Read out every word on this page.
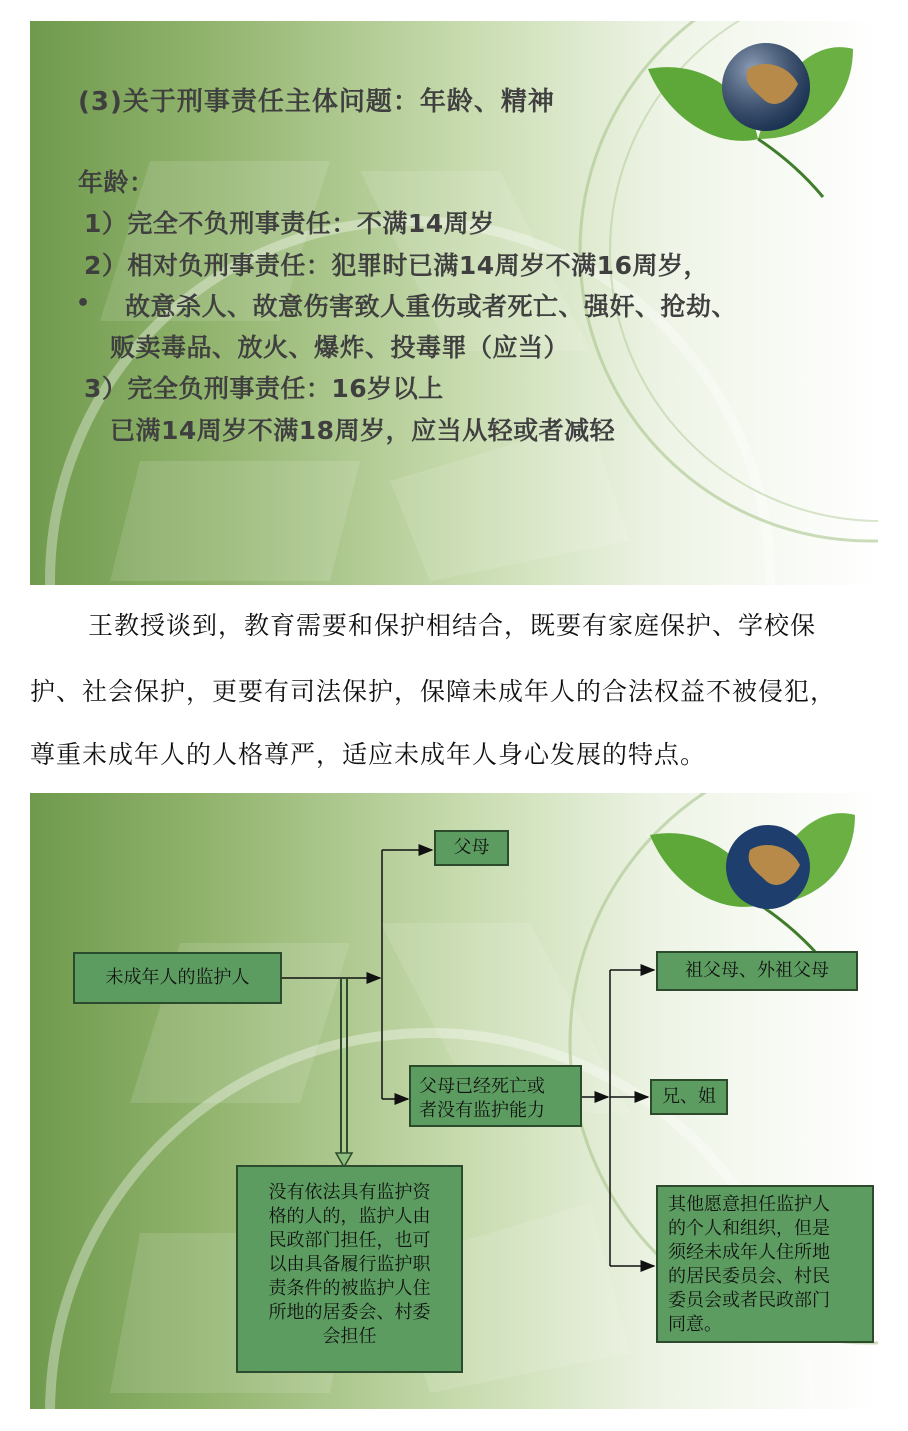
(3)关于刑事责任主体问题：年龄、精神
年龄：
1）完全不负刑事责任：不满14周岁
2）相对负刑事责任：犯罪时已满14周岁不满16周岁，
• 故意杀人、故意伤害致人重伤或者死亡、强奸、抢劫、
贩卖毒品、放火、爆炸、投毒罪（应当）
3）完全负刑事责任：16岁以上
已满14周岁不满18周岁，应当从轻或者减轻
王教授谈到，教育需要和保护相结合，既要有家庭保护、学校保
护、社会保护，更要有司法保护，保障未成年人的合法权益不被侵犯，
尊重未成年人的人格尊严，适应未成年人身心发展的特点。
未成年人的监护人
父母
父母已经死亡或
者没有监护能力
祖父母、外祖父母
兄、姐
其他愿意担任监护人
的个人和组织，但是
须经未成年人住所地
的居民委员会、村民
委员会或者民政部门
同意。
没有依法具有监护资
格的人的，监护人由
民政部门担任，也可
以由具备履行监护职
责条件的被监护人住
所地的居委会、村委
会担任
